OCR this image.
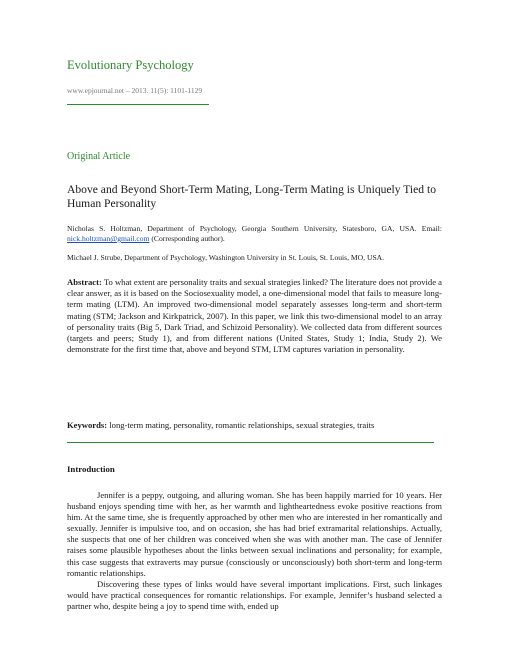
Evolutionary Psychology
www.epjournal.net – 2013. 11(5): 1101-1129
Original Article
Above and Beyond Short-Term Mating, Long-Term Mating is Uniquely Tied to Human Personality
Nicholas S. Holtzman, Department of Psychology, Georgia Southern University, Statesboro, GA, USA. Email: nick.holtzman@gmail.com (Corresponding author).
Michael J. Strube, Department of Psychology, Washington University in St. Louis, St. Louis, MO, USA.
Abstract: To what extent are personality traits and sexual strategies linked? The literature does not provide a clear answer, as it is based on the Sociosexuality model, a one-dimensional model that fails to measure long-term mating (LTM). An improved two-dimensional model separately assesses long-term and short-term mating (STM; Jackson and Kirkpatrick, 2007). In this paper, we link this two-dimensional model to an array of personality traits (Big 5, Dark Triad, and Schizoid Personality). We collected data from different sources (targets and peers; Study 1), and from different nations (United States, Study 1; India, Study 2). We demonstrate for the first time that, above and beyond STM, LTM captures variation in personality.
Keywords: long-term mating, personality, romantic relationships, sexual strategies, traits
Introduction

Jennifer is a peppy, outgoing, and alluring woman. She has been happily married for 10 years. Her husband enjoys spending time with her, as her warmth and lightheartedness evoke positive reactions from him. At the same time, she is frequently approached by other men who are interested in her romantically and sexually. Jennifer is impulsive too, and on occasion, she has had brief extramarital relationships. Actually, she suspects that one of her children was conceived when she was with another man. The case of Jennifer raises some plausible hypotheses about the links between sexual inclinations and personality; for example, this case suggests that extraverts may pursue (consciously or unconsciously) both short-term and long-term romantic relationships.

Discovering these types of links would have several important implications. First, such linkages would have practical consequences for romantic relationships. For example, Jennifer’s husband selected a partner who, despite being a joy to spend time with, ended up
